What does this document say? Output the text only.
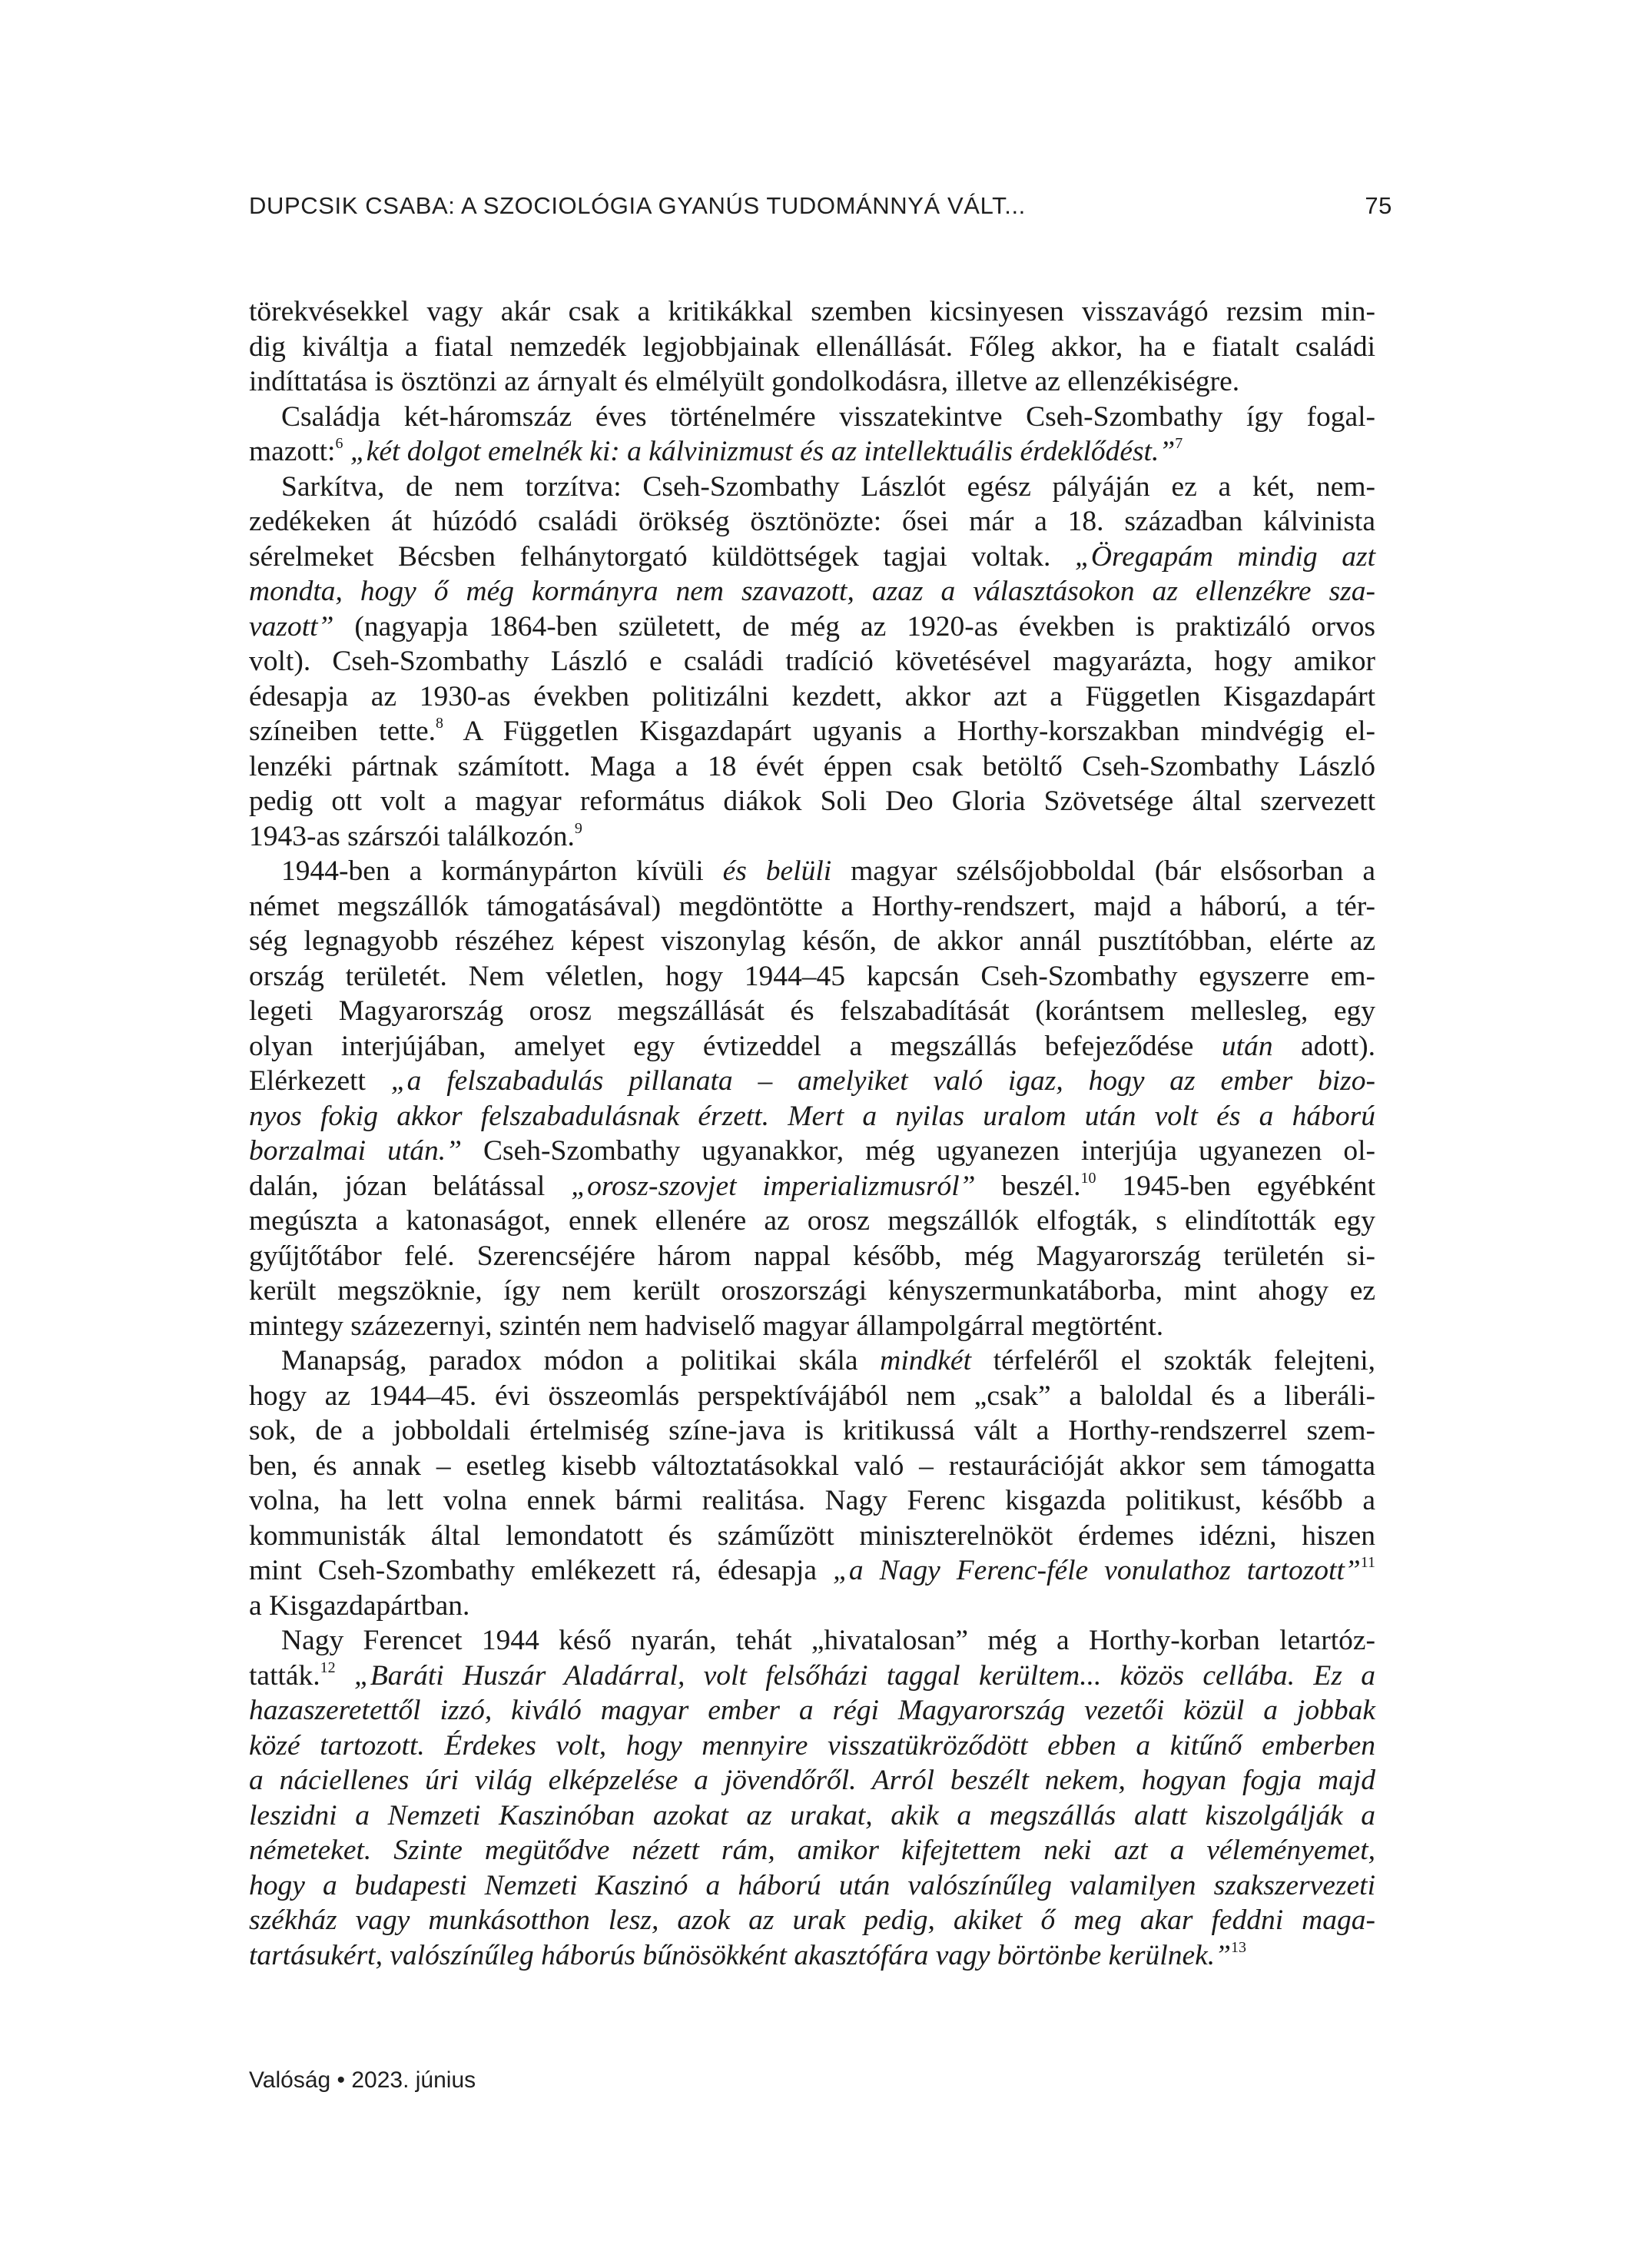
DUPCSIK CSABA: A SZOCIOLÓGIA GYANÚS TUDOMÁNNYÁ VÁLT...	75
törekvésekkel vagy akár csak a kritikákkal szemben kicsinyesen visszavágó rezsim min-
dig kiváltja a fiatal nemzedék legjobbjainak ellenállását. Főleg akkor, ha e fiatalt családi
indíttatása is ösztönzi az árnyalt és elmélyült gondolkodásra, illetve az ellenzékiségre.
Családja két-háromszáz éves történelmére visszatekintve Cseh-Szombathy így fogal-
mazott:$^6$ „két dolgot emelnék ki: a kálvinizmust és az intellektuális érdeklődést.”$^7$
Sarkítva, de nem torzítva: Cseh-Szombathy Lászlót egész pályáján ez a két, nem-
zedékeken át húzódó családi örökség ösztönözte: ősei már a 18. században kálvinista
sérelmeket Bécsben felhánytorgató küldöttségek tagjai voltak. „Öregapám mindig azt
mondta, hogy ő még kormányra nem szavazott, azaz a választásokon az ellenzékre sza-
vazott” (nagyapja 1864-ben született, de még az 1920-as években is praktizáló orvos
volt). Cseh-Szombathy László e családi tradíció követésével magyarázta, hogy amikor
édesapja az 1930-as években politizálni kezdett, akkor azt a Független Kisgazdapárt
színeiben tette.$^8$ A Független Kisgazdapárt ugyanis a Horthy-korszakban mindvégig el-
lenzéki pártnak számított. Maga a 18 évét éppen csak betöltő Cseh-Szombathy László
pedig ott volt a magyar református diákok Soli Deo Gloria Szövetsége által szervezett
1943-as szárszói találkozón.$^9$
1944-ben a kormánypárton kívüli és belüli magyar szélsőjobboldal (bár elsősorban a
német megszállók támogatásával) megdöntötte a Horthy-rendszert, majd a háború, a tér-
ség legnagyobb részéhez képest viszonylag későn, de akkor annál pusztítóbban, elérte az
ország területét. Nem véletlen, hogy 1944–45 kapcsán Cseh-Szombathy egyszerre em-
legeti Magyarország orosz megszállását és felszabadítását (korántsem mellesleg, egy
olyan interjújában, amelyet egy évtizeddel a megszállás befejeződése után adott).
Elérkezett „a felszabadulás pillanata – amelyiket való igaz, hogy az ember bizo-
nyos fokig akkor felszabadulásnak érzett. Mert a nyilas uralom után volt és a háború
borzalmai után.” Cseh-Szombathy ugyanakkor, még ugyanezen interjúja ugyanezen ol-
dalán, józan belátással „orosz-szovjet imperializmusról” beszél.$^{10}$ 1945-ben egyébként
megúszta a katonaságot, ennek ellenére az orosz megszállók elfogták, s elindították egy
gyűjtőtábor felé. Szerencséjére három nappal később, még Magyarország területén si-
került megszöknie, így nem került oroszországi kényszermunkatáborba, mint ahogy ez
mintegy százezernyi, szintén nem hadviselő magyar állampolgárral megtörtént.
Manapság, paradox módon a politikai skála mindkét térfeléről el szokták felejteni,
hogy az 1944–45. évi összeomlás perspektívájából nem „csak” a baloldal és a liberáli-
sok, de a jobboldali értelmiség színe-java is kritikussá vált a Horthy-rendszerrel szem-
ben, és annak – esetleg kisebb változtatásokkal való – restaurációját akkor sem támogatta
volna, ha lett volna ennek bármi realitása. Nagy Ferenc kisgazda politikust, később a
kommunisták által lemondatott és száműzött miniszterelnököt érdemes idézni, hiszen
mint Cseh-Szombathy emlékezett rá, édesapja „a Nagy Ferenc-féle vonulathoz tartozott”$^{11}$
a Kisgazdapártban.
Nagy Ferencet 1944 késő nyarán, tehát „hivatalosan” még a Horthy-korban letartóz-
tatták.$^{12}$ „Baráti Huszár Aladárral, volt felsőházi taggal kerültem... közös cellába. Ez a
hazaszeretettől izzó, kiváló magyar ember a régi Magyarország vezetői közül a jobbak
közé tartozott. Érdekes volt, hogy mennyire visszatükröződött ebben a kitűnő emberben
a náciellenes úri világ elképzelése a jövendőről. Arról beszélt nekem, hogyan fogja majd
leszidni a Nemzeti Kaszinóban azokat az urakat, akik a megszállás alatt kiszolgálják a
németeket. Szinte megütődve nézett rám, amikor kifejtettem neki azt a véleményemet,
hogy a budapesti Nemzeti Kaszinó a háború után valószínűleg valamilyen szakszervezeti
székház vagy munkásotthon lesz, azok az urak pedig, akiket ő meg akar feddni maga-
tartásukért, valószínűleg háborús bűnösökként akasztófára vagy börtönbe kerülnek.”$^{13}$
Valóság • 2023. június
